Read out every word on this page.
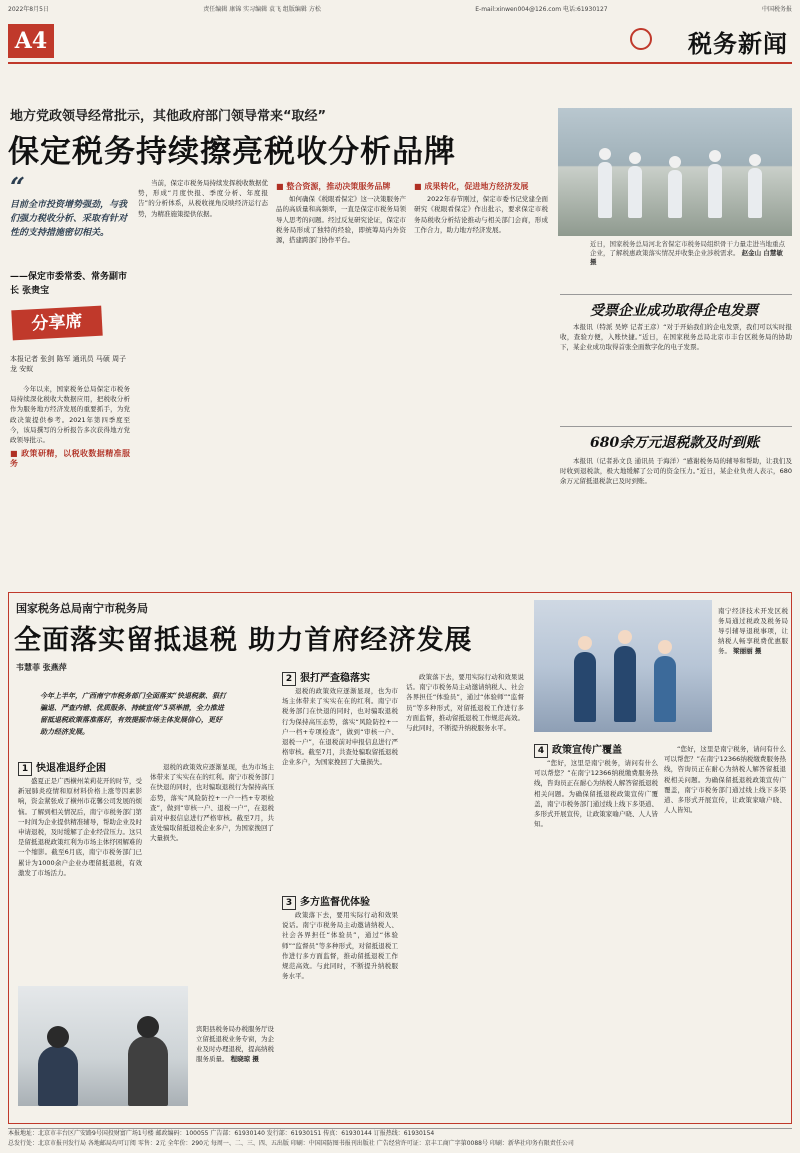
2022年8月5日	责任编辑 康锦 实习编辑 袁飞 组版编辑 方松	E-mail:xinwen004@126.com 电话:61930127	中国税务报
A4	税务新闻
地方党政领导经常批示，其他政府部门领导常来“取经”
保定税务持续擦亮税收分析品牌
近日，国家税务总局河北省保定市税务局组织骨干力量走进当地重点企业，了解税惠政策落实情况并收集企业涉税需求。 赵金山 白慧敏 摄
“
目前全市投资增势强劲，与我们强力税收分析、采取有针对性的支持措施密切相关。
——保定市委常委、常务副市长 张贵宝
分享席
本报记者 张剑 陈军 通讯员 马硕 周子龙 安蚁

今年以来，国家税务总局保定市税务局持续深化税收大数据应用，把税收分析作为服务地方经济发展的重要抓手，为党政决策提供参考。2021年第四季度至今，该局撰写的分析报告多次获得地方党政领导批示。

■ 政策研精，以税收数据精准服务

当前，保定市税务局持续发挥税收数据优势，形成“月度快报、季度分析、年度报告”的分析体系，从税收视角反映经济运行态势，为精准施策提供依据。

■ 整合资源，推动决策服务品牌

如何确保《税眼看保定》这一决策服务产品的高质量和高频率，一直是保定市税务局领导人思考的问题。经过反复研究论证，保定市税务局形成了独特的经验，即统筹局内外资源，搭建跨部门协作平台。

■ 成果转化，促进地方经济发展

2022年春节刚过，保定市委书记党建全面研究《税眼看保定》作出批示，要求保定市税务局税收分析结论推动与相关部门会商，形成工作合力，助力地方经济发展。

受票企业成功取得企电发票

本报讯（特派 吴婷 记者王彦）“对于开始我们的企电发票，我们可以实时报收，查验方便，入账快捷。”近日，在国家税务总局北京市丰台区税务局的协助下，某企业成功取得首张全面数字化的电子发票。

680余万元退税款及时到账

本报讯（记者孙文良 通讯员 于海洋）“感谢税务局的辅导和帮助，让我们及时收到退税款，极大地缓解了公司的资金压力。”近日，某企业负责人表示，680余万元留抵退税款已及时到账。

国家税务总局南宁市税务局
全面落实留抵退税 助力首府经济发展
韦慧菲 张燕萍
今年上半年，广西南宁市税务部门全面落实“快退税款、狠打骗退、严查内错、优质服务、持续宣传”5项举措，全力推进留抵退税政策落准落好，有效提振市场主体发展信心，更好助力经济发展。
南宁经济技术开发区税务局通过税政及税务局导引辅导退税事项，让纳税人畅享税费优惠服务。 梁丽丽 摄
1 快退准退纾企困

盛夏正是广西横州茉莉花开的时节，受新冠肺炎疫情和原材料价格上涨等因素影响，资金紧张成了横州市花馨公司发展的烦恼。了解到相关情况后，南宁市税务部门第一时间为企业提供精准辅导，帮助企业及时申请退税，及时缓解了企业经营压力。这只是留抵退税政策红利为市场主体纾困解难的一个缩影。截至6月底，南宁市税务部门已累计为1000余户企业办理留抵退税，有效激发了市场活力。

退税的政策效应逐渐显现，也为市场主体带来了实实在在的红利。南宁市税务部门在快退的同时，也对骗取退税行为保持高压态势，落实“风险防控+一户一档+专项检查”，做到“审核一户、退税一户”，在退税前对申报信息进行严格审核。截至7月，共查处骗取留抵退税企业多户，为国家挽回了大量损失。

2 狠打严查稳落实

退税的政策效应逐渐显现，也为市场主体带来了实实在在的红利。南宁市税务部门在快退的同时，也对骗取退税行为保持高压态势，落实“风险防控+一户一档+专项检查”，做到“审核一户、退税一户”，在退税前对申报信息进行严格审核。截至7月，共查处骗取留抵退税企业多户，为国家挽回了大量损失。

3 多方监督优体验

政策落下去，要用实际行动和效果说话。南宁市税务局主动邀请纳税人、社会各界担任“体验员”，通过“体验师”“监督员”等多种形式，对留抵退税工作进行多方面监督，推动留抵退税工作规范高效。与此同时，不断提升纳税服务水平。

政策落下去，要用实际行动和效果说话。南宁市税务局主动邀请纳税人、社会各界担任“体验员”，通过“体验师”“监督员”等多种形式，对留抵退税工作进行多方面监督，推动留抵退税工作规范高效。与此同时，不断提升纳税服务水平。

4 政策宣传广覆盖

“您好，这里是南宁税务，请问有什么可以帮您？”在南宁12366纳税缴费服务热线，咨询员正在耐心为纳税人解答留抵退税相关问题。为确保留抵退税政策宣传广覆盖，南宁市税务部门通过线上线下多渠道、多形式开展宣传，让政策家喻户晓、人人皆知。

“您好，这里是南宁税务，请问有什么可以帮您？”在南宁12366纳税缴费服务热线，咨询员正在耐心为纳税人解答留抵退税相关问题。为确保留抵退税政策宣传广覆盖，南宁市税务部门通过线上线下多渠道、多形式开展宣传，让政策家喻户晓、人人皆知。

宾阳县税务局办税服务厅设立留抵退税业务专窗，为企业及时办理退税，提高纳税服务质量。 程晓琼 摄
本报地址：北京市丰台区广安路9号国投财富广场1号楼 邮政编码：100055 广告部：61930140 发行部：61930151 传真：61930144 订报热线：61930154
总发行处：北京市报刊发行局 各地邮局均可订阅 零售：2元 全年价：290元 每周一、二、三、四、五出版 印刷：中国国防图书报刊出版社 广告经营许可证：京丰工商广字第0088号 印刷：新华社印务有限责任公司
